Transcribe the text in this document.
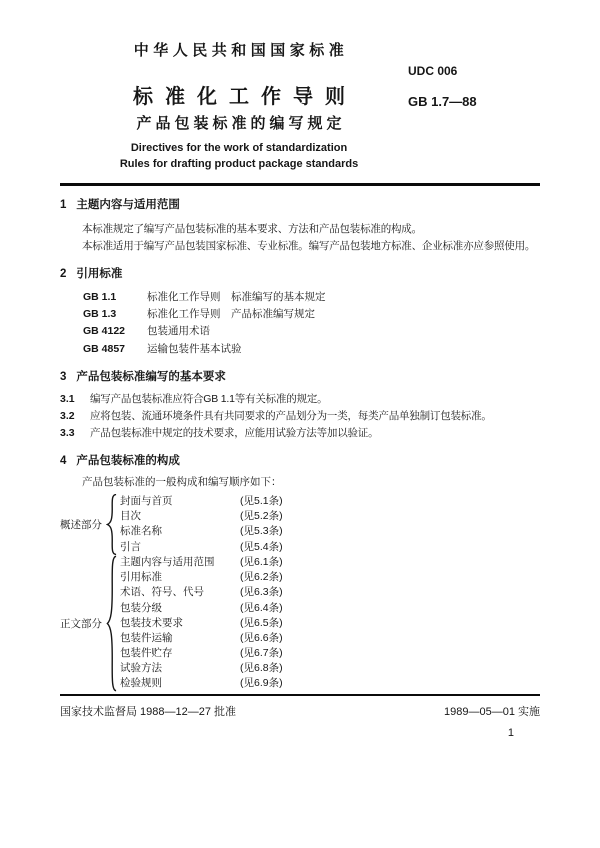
中华人民共和国国家标准
标准化工作导则
产品包装标准的编写规定
Directives for the work of standardization
Rules for drafting product package standards
UDC 006
GB 1.7—88
1 主题内容与适用范围
本标准规定了编写产品包装标准的基本要求、方法和产品包装标准的构成。
本标准适用于编写产品包装国家标准、专业标准。编写产品包装地方标准、企业标准亦应参照使用。
2 引用标准
GB 1.1	标准化工作导则　标准编写的基本规定
GB 1.3	标准化工作导则　产品标准编写规定
GB 4122	包装通用术语
GB 4857	运输包装件基本试验
3 产品包装标准编写的基本要求
3.1	编写产品包装标准应符合GB 1.1等有关标准的规定。
3.2	应将包装、流通环境条件具有共同要求的产品划分为一类，每类产品单独制订包装标准。
3.3	产品包装标准中规定的技术要求，应能用试验方法等加以验证。
4 产品包装标准的构成
产品包装标准的一般构成和编写顺序如下：
概述部分
封面与首页	(见5.1条)
目次	(见5.2条)
标准名称	(见5.3条)
引言	(见5.4条)
正文部分
主题内容与适用范围	(见6.1条)
引用标准	(见6.2条)
术语、符号、代号	(见6.3条)
包装分级	(见6.4条)
包装技术要求	(见6.5条)
包装件运输	(见6.6条)
包装件贮存	(见6.7条)
试验方法	(见6.8条)
检验规则	(见6.9条)
国家技术监督局 1988—12—27 批准	1989—05—01 实施
1
